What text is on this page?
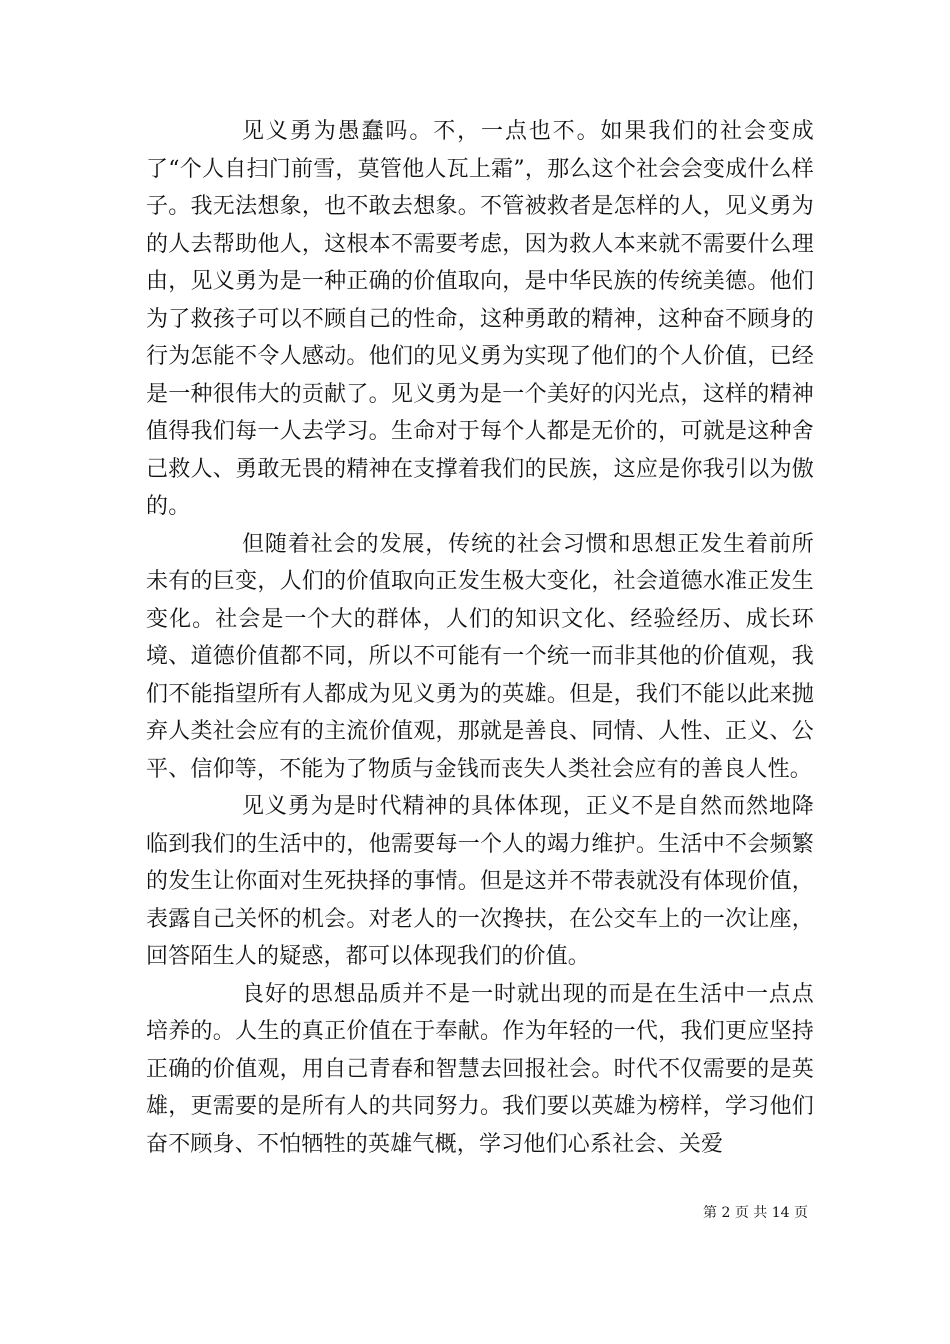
见义勇为愚蠢吗。不，一点也不。如果我们的社会变成了“个人自扫门前雪，莫管他人瓦上霜”，那么这个社会会变成什么样子。我无法想象，也不敢去想象。不管被救者是怎样的人，见义勇为的人去帮助他人，这根本不需要考虑，因为救人本来就不需要什么理由，见义勇为是一种正确的价值取向，是中华民族的传统美德。他们为了救孩子可以不顾自己的性命，这种勇敢的精神，这种奋不顾身的行为怎能不令人感动。他们的见义勇为实现了他们的个人价值，已经是一种很伟大的贡献了。见义勇为是一个美好的闪光点，这样的精神值得我们每一人去学习。生命对于每个人都是无价的，可就是这种舍己救人、勇敢无畏的精神在支撑着我们的民族，这应是你我引以为傲的。

但随着社会的发展，传统的社会习惯和思想正发生着前所未有的巨变，人们的价值取向正发生极大变化，社会道德水准正发生变化。社会是一个大的群体，人们的知识文化、经验经历、成长环境、道德价值都不同，所以不可能有一个统一而非其他的价值观，我们不能指望所有人都成为见义勇为的英雄。但是，我们不能以此来抛弃人类社会应有的主流价值观，那就是善良、同情、人性、正义、公平、信仰等，不能为了物质与金钱而丧失人类社会应有的善良人性。

见义勇为是时代精神的具体体现，正义不是自然而然地降临到我们的生活中的，他需要每一个人的竭力维护。生活中不会频繁的发生让你面对生死抉择的事情。但是这并不带表就没有体现价值，表露自己关怀的机会。对老人的一次搀扶，在公交车上的一次让座，回答陌生人的疑惑，都可以体现我们的价值。

良好的思想品质并不是一时就出现的而是在生活中一点点培养的。人生的真正价值在于奉献。作为年轻的一代，我们更应坚持正确的价值观，用自己青春和智慧去回报社会。时代不仅需要的是英雄，更需要的是所有人的共同努力。我们要以英雄为榜样，学习他们奋不顾身、不怕牺牲的英雄气概，学习他们心系社会、关爱

第 2 页 共 14 页
